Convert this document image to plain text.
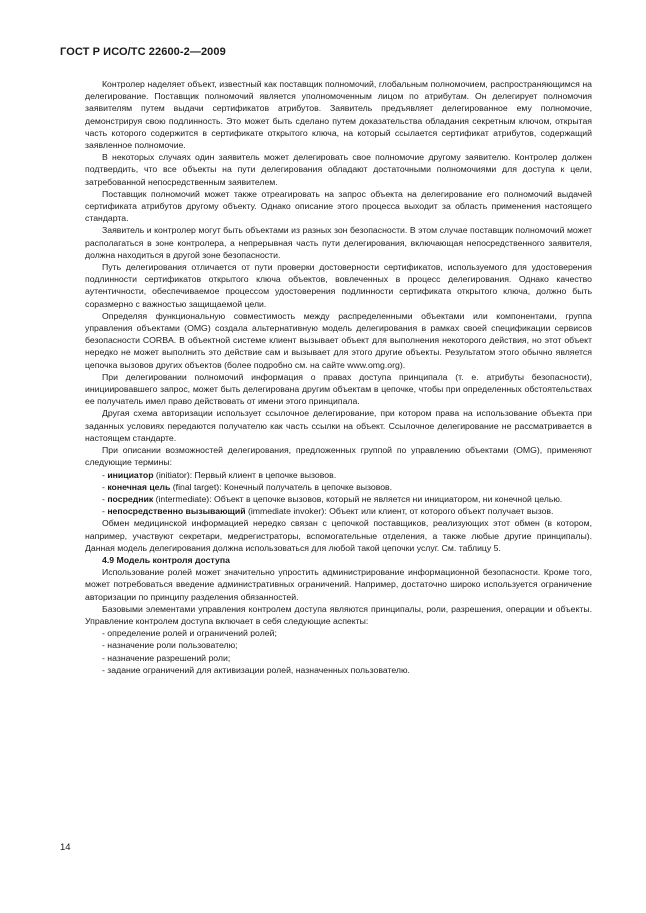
ГОСТ Р ИСО/ТС 22600-2—2009

Контролер наделяет объект, известный как поставщик полномочий, глобальным полномочием, распространяющимся на делегирование. Поставщик полномочий является уполномоченным лицом по атрибутам. Он делегирует полномочия заявителям путем выдачи сертификатов атрибутов. Заявитель предъявляет делегированное ему полномочие, демонстрируя свою подлинность. Это может быть сделано путем доказательства обладания секретным ключом, открытая часть которого содержится в сертификате открытого ключа, на который ссылается сертификат атрибутов, содержащий заявленное полномочие.

В некоторых случаях один заявитель может делегировать свое полномочие другому заявителю. Контролер должен подтвердить, что все объекты на пути делегирования обладают достаточными полномочиями для доступа к цели, затребованной непосредственным заявителем.

Поставщик полномочий может также отреагировать на запрос объекта на делегирование его полномочий выдачей сертификата атрибутов другому объекту. Однако описание этого процесса выходит за область применения настоящего стандарта.

Заявитель и контролер могут быть объектами из разных зон безопасности. В этом случае поставщик полномочий может располагаться в зоне контролера, а непрерывная часть пути делегирования, включающая непосредственного заявителя, должна находиться в другой зоне безопасности.

Путь делегирования отличается от пути проверки достоверности сертификатов, используемого для удостоверения подлинности сертификатов открытого ключа объектов, вовлеченных в процесс делегирования. Однако качество аутентичности, обеспечиваемое процессом удостоверения подлинности сертификата открытого ключа, должно быть соразмерно с важностью защищаемой цели.

Определяя функциональную совместимость между распределенными объектами или компонентами, группа управления объектами (OMG) создала альтернативную модель делегирования в рамках своей спецификации сервисов безопасности CORBA. В объектной системе клиент вызывает объект для выполнения некоторого действия, но этот объект нередко не может выполнить это действие сам и вызывает для этого другие объекты. Результатом этого обычно является цепочка вызовов других объектов (более подробно см. на сайте www.omg.org).

При делегировании полномочий информация о правах доступа принципала (т. е. атрибуты безопасности), инициировавшего запрос, может быть делегирована другим объектам в цепочке, чтобы при определенных обстоятельствах ее получатель имел право действовать от имени этого принципала.

Другая схема авторизации использует ссылочное делегирование, при котором права на использование объекта при заданных условиях передаются получателю как часть ссылки на объект. Ссылочное делегирование не рассматривается в настоящем стандарте.

При описании возможностей делегирования, предложенных группой по управлению объектами (OMG), применяют следующие термины:

- инициатор (initiator): Первый клиент в цепочке вызовов.

- конечная цель (final target): Конечный получатель в цепочке вызовов.

- посредник (intermediate): Объект в цепочке вызовов, который не является ни инициатором, ни конечной целью.

- непосредственно вызывающий (immediate invoker): Объект или клиент, от которого объект получает вызов.

Обмен медицинской информацией нередко связан с цепочкой поставщиков, реализующих этот обмен (в котором, например, участвуют секретари, медрегистраторы, вспомогательные отделения, а также любые другие принципалы). Данная модель делегирования должна использоваться для любой такой цепочки услуг. См. таблицу 5.

4.9 Модель контроля доступа

Использование ролей может значительно упростить администрирование информационной безопасности. Кроме того, может потребоваться введение административных ограничений. Например, достаточно широко используется ограничение авторизации по принципу разделения обязанностей.

Базовыми элементами управления контролем доступа являются принципалы, роли, разрешения, операции и объекты. Управление контролем доступа включает в себя следующие аспекты:

- определение ролей и ограничений ролей;

- назначение роли пользователю;

- назначение разрешений роли;

- задание ограничений для активизации ролей, назначенных пользователю.

14
